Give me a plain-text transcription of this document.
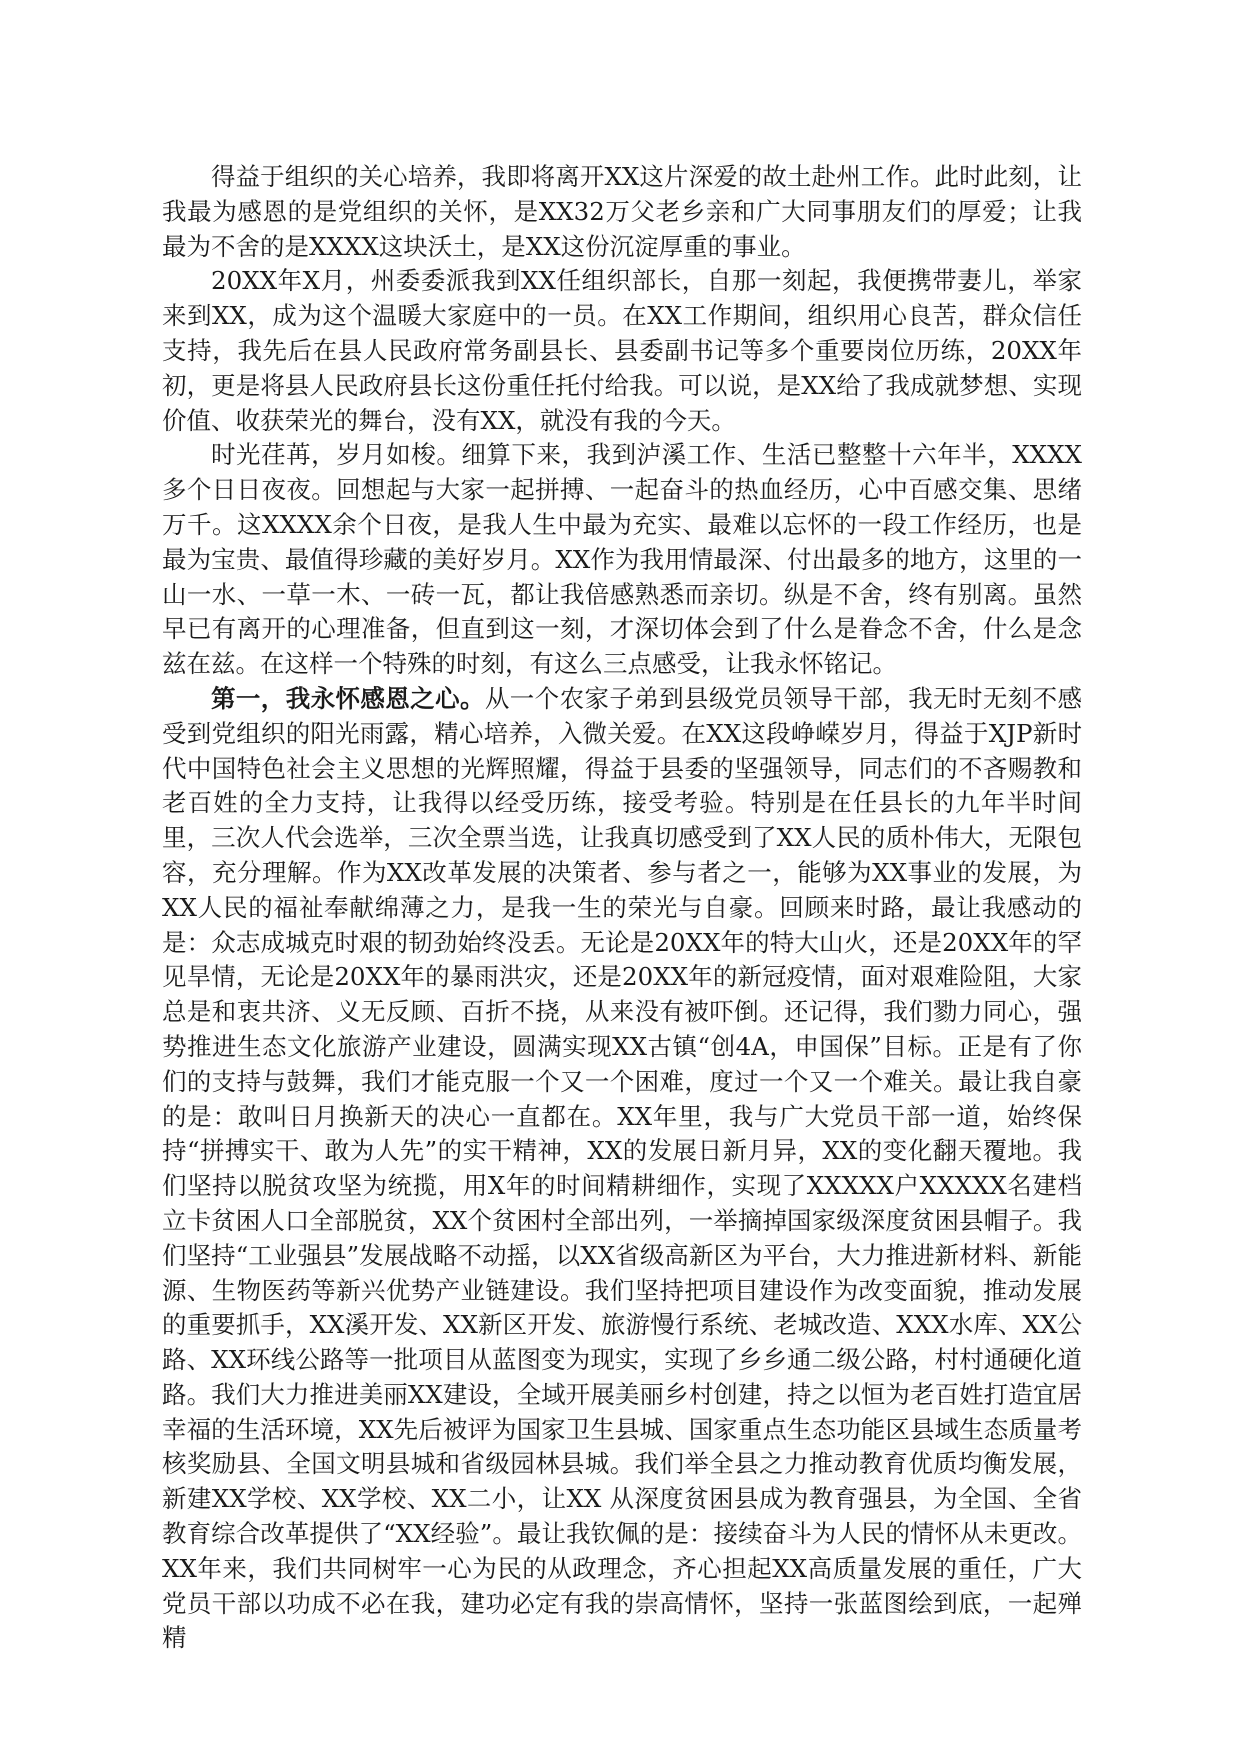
得益于组织的关心培养，我即将离开XX这片深爱的故土赴州工作。此时此刻，让我最为感恩的是党组织的关怀，是XX32万父老乡亲和广大同事朋友们的厚爱；让我最为不舍的是XXXX这块沃土，是XX这份沉淀厚重的事业。

20XX年X月，州委委派我到XX任组织部长，自那一刻起，我便携带妻儿，举家来到XX，成为这个温暖大家庭中的一员。在XX工作期间，组织用心良苦，群众信任支持，我先后在县人民政府常务副县长、县委副书记等多个重要岗位历练，20XX年初，更是将县人民政府县长这份重任托付给我。可以说，是XX给了我成就梦想、实现价值、收获荣光的舞台，没有XX，就没有我的今天。

时光荏苒，岁月如梭。细算下来，我到泸溪工作、生活已整整十六年半，XXXX多个日日夜夜。回想起与大家一起拼搏、一起奋斗的热血经历，心中百感交集、思绪万千。这XXXX余个日夜，是我人生中最为充实、最难以忘怀的一段工作经历，也是最为宝贵、最值得珍藏的美好岁月。XX作为我用情最深、付出最多的地方，这里的一山一水、一草一木、一砖一瓦，都让我倍感熟悉而亲切。纵是不舍，终有别离。虽然早已有离开的心理准备，但直到这一刻，才深切体会到了什么是眷念不舍，什么是念兹在兹。在这样一个特殊的时刻，有这么三点感受，让我永怀铭记。

第一，我永怀感恩之心。从一个农家子弟到县级党员领导干部，我无时无刻不感受到党组织的阳光雨露，精心培养，入微关爱。在XX这段峥嵘岁月，得益于XJP新时代中国特色社会主义思想的光辉照耀，得益于县委的坚强领导，同志们的不吝赐教和老百姓的全力支持，让我得以经受历练，接受考验。特别是在任县长的九年半时间里，三次人代会选举，三次全票当选，让我真切感受到了XX人民的质朴伟大，无限包容，充分理解。作为XX改革发展的决策者、参与者之一，能够为XX事业的发展，为XX人民的福祉奉献绵薄之力，是我一生的荣光与自豪。回顾来时路，最让我感动的是：众志成城克时艰的韧劲始终没丢。无论是20XX年的特大山火，还是20XX年的罕见旱情，无论是20XX年的暴雨洪灾，还是20XX年的新冠疫情，面对艰难险阻，大家总是和衷共济、义无反顾、百折不挠，从来没有被吓倒。还记得，我们勠力同心，强势推进生态文化旅游产业建设，圆满实现XX古镇“创4A，申国保”目标。正是有了你们的支持与鼓舞，我们才能克服一个又一个困难，度过一个又一个难关。最让我自豪的是：敢叫日月换新天的决心一直都在。XX年里，我与广大党员干部一道，始终保持“拼搏实干、敢为人先”的实干精神，XX的发展日新月异，XX的变化翻天覆地。我们坚持以脱贫攻坚为统揽，用X年的时间精耕细作，实现了XXXXX户XXXXX名建档立卡贫困人口全部脱贫，XX个贫困村全部出列，一举摘掉国家级深度贫困县帽子。我们坚持“工业强县”发展战略不动摇，以XX省级高新区为平台，大力推进新材料、新能源、生物医药等新兴优势产业链建设。我们坚持把项目建设作为改变面貌，推动发展的重要抓手，XX溪开发、XX新区开发、旅游慢行系统、老城改造、XXX水库、XX公路、XX环线公路等一批项目从蓝图变为现实，实现了乡乡通二级公路，村村通硬化道路。我们大力推进美丽XX建设，全域开展美丽乡村创建，持之以恒为老百姓打造宜居幸福的生活环境，XX先后被评为国家卫生县城、国家重点生态功能区县域生态质量考核奖励县、全国文明县城和省级园林县城。我们举全县之力推动教育优质均衡发展，新建XX学校、XX学校、XX二小，让XX 从深度贫困县成为教育强县，为全国、全省教育综合改革提供了“XX经验”。最让我钦佩的是：接续奋斗为人民的情怀从未更改。XX年来，我们共同树牢一心为民的从政理念，齐心担起XX高质量发展的重任，广大党员干部以功成不必在我，建功必定有我的崇高情怀，坚持一张蓝图绘到底，一起殚精
